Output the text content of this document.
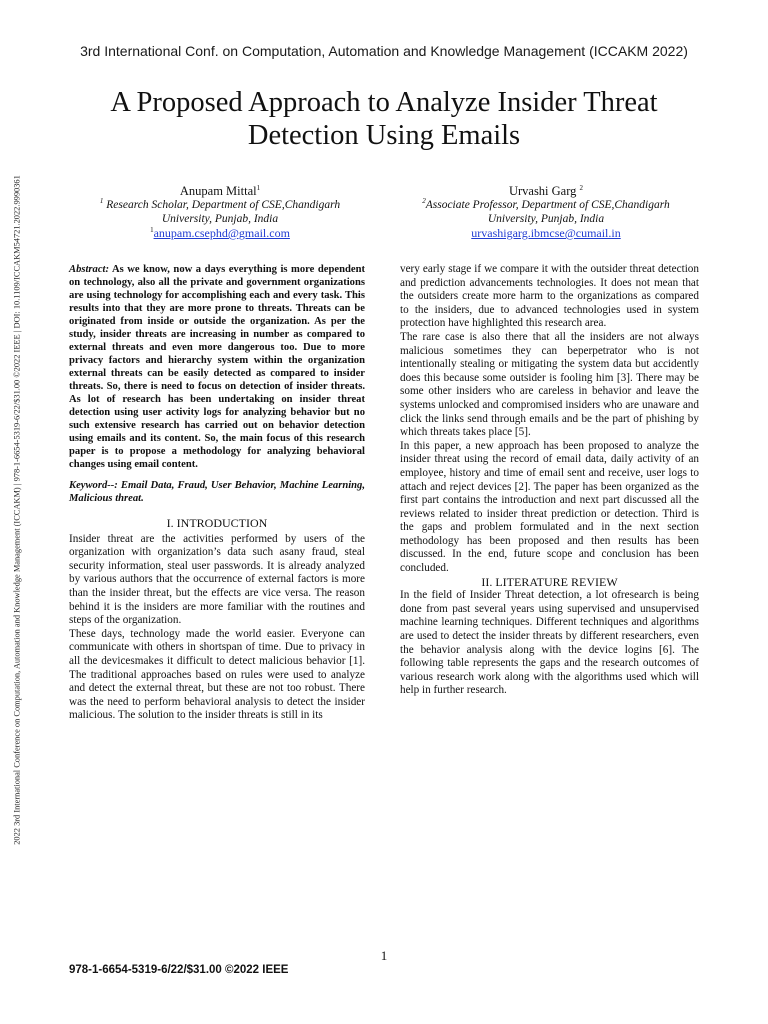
3rd International Conf. on Computation, Automation and Knowledge Management (ICCAKM 2022)
2022 3rd International Conference on Computation, Automation and Knowledge Management (ICCAKM) | 978-1-6654-5319-6/22/$31.00 ©2022 IEEE | DOI: 10.1109/ICCAKM54721.2022.9990361
A Proposed Approach to Analyze Insider Threat
Detection Using Emails
Anupam Mittal$^1$
$^1$ Research Scholar, Department of CSE,Chandigarh
University, Punjab, India
$^1$anupam.csephd@gmail.com
Urvashi Garg $^2$
$^2$Associate Professor, Department of CSE,Chandigarh
University, Punjab, India
urvashigarg.ibmcse@cumail.in

Abstract: As we know, now a days everything is more dependent on technology, also all the private and government organizations are using technology for accomplishing each and every task. This results into that they are more prone to threats. Threats can be originated from inside or outside the organization. As per the study, insider threats are increasing in number as compared to external threats and even more dangerous too. Due to more privacy factors and hierarchy system within the organization external threats can be easily detected as compared to insider threats. So, there is need to focus on detection of insider threats. As lot of research has been undertaking on insider threat detection using user activity logs for analyzing behavior but no such extensive research has carried out on behavior detection using emails and its content. So, the main focus of this research paper is to propose a methodology for analyzing behavioral changes using email content.

Keyword--: Email Data, Fraud, User Behavior, Machine Learning, Malicious threat.

I. INTRODUCTION

Insider threat are the activities performed by users of the organization with organization’s data such asany fraud, steal security information, steal user passwords. It is already analyzed by various authors that the occurrence of external factors is more than the insider threat, but the effects are vice versa. The reason behind it is the insiders are more familiar with the routines and steps of the organization.

These days, technology made the world easier. Everyone can communicate with others in shortspan of time. Due to privacy in all the devicesmakes it difficult to detect malicious behavior [1]. The traditional approaches based on rules were used to analyze and detect the external threat, but these are not too robust. There was the need to perform behavioral analysis to detect the insider malicious. The solution to the insider threats is still in its

very early stage if we compare it with the outsider threat detection and prediction advancements technologies. It does not mean that the outsiders create more harm to the organizations as compared to the insiders, due to advanced technologies used in system protection have highlighted this research area.

The rare case is also there that all the insiders are not always malicious sometimes they can beperpetrator who is not intentionally stealing or mitigating the system data but accidently does this because some outsider is fooling him [3]. There may be some other insiders who are careless in behavior and leave the systems unlocked and compromised insiders who are unaware and click the links send through emails and be the part of phishing by which threats takes place [5].

In this paper, a new approach has been proposed to analyze the insider threat using the record of email data, daily activity of an employee, history and time of email sent and receive, user logs to attach and reject devices [2]. The paper has been organized as the first part contains the introduction and next part discussed all the reviews related to insider threat prediction or detection. Third is the gaps and problem formulated and in the next section methodology has been proposed and then results has been discussed. In the end, future scope and conclusion has been concluded.

II. LITERATURE REVIEW

In the field of Insider Threat detection, a lot ofresearch is being done from past several years using supervised and unsupervised machine learning techniques. Different techniques and algorithms are used to detect the insider threats by different researchers, even the behavior analysis along with the device logins [6]. The following table represents the gaps and the research outcomes of various research work along with the algorithms used which will help in further research.

1
978-1-6654-5319-6/22/$31.00 ©2022 IEEE
